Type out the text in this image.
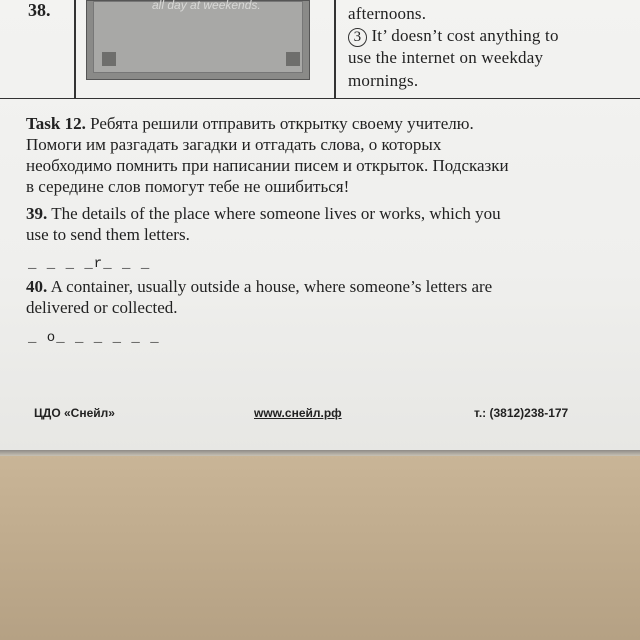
38.	all day at weekends.	afternoons.
3 It’ doesn’t cost anything to
use the internet on weekday
mornings.
Task 12. Ребята решили отправить открытку своему учителю.
Помоги им разгадать загадки и отгадать слова, о которых
необходимо помнить при написании писем и открыток. Подсказки
в середине слов помогут тебе не ошибиться!
39. The details of the place where someone lives or works, which you
use to send them letters.
_ _ _ _r_ _ _
40. A container, usually outside a house, where someone’s letters are
delivered or collected.
_ o_ _ _ _ _ _
ЦДО «Снейл»	www.снейл.рф	т.: (3812)238-177
